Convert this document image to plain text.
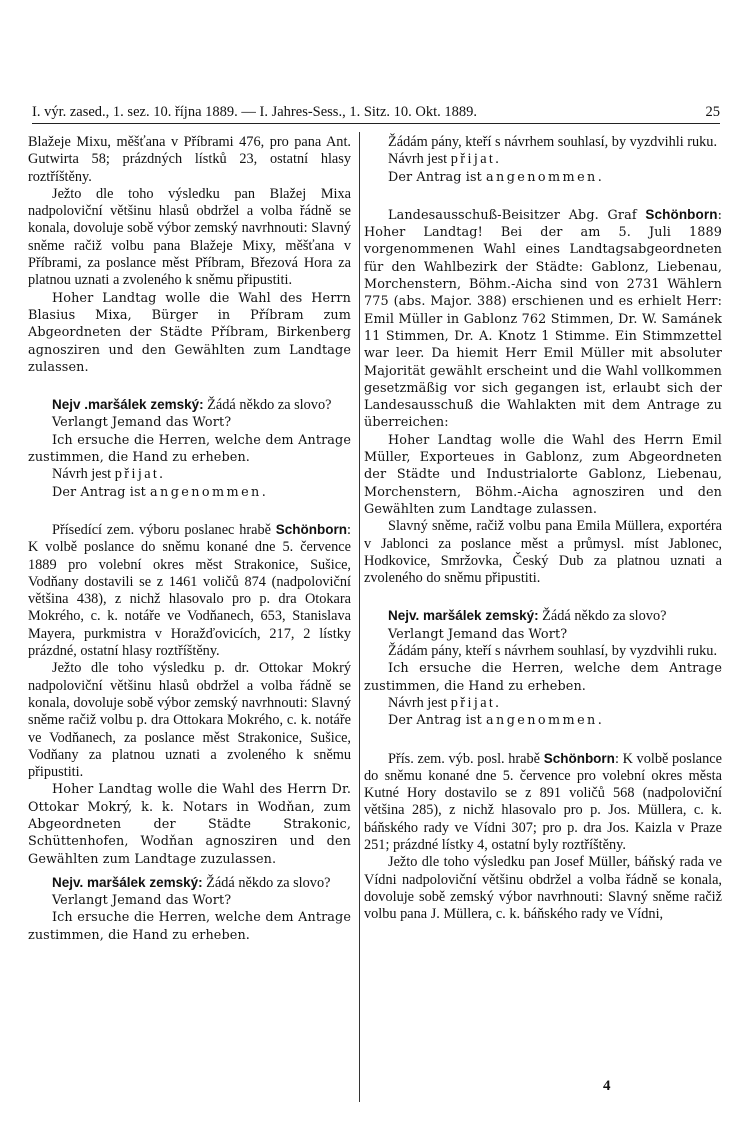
I. výr. zased., 1. sez. 10. října 1889. — I. Jahres-Sess., 1. Sitz. 10. Okt. 1889.	25

Blažeje Mixu, měšťana v Příbrami 476, pro pana Ant. Gutwirta 58; prázdných lístků 23, ostatní hlasy roztříštěny.

Ježto dle toho výsledku pan Blažej Mixa nadpoloviční většinu hlasů obdržel a volba řádně se konala, dovoluje sobě výbor zemský navrhnouti: Slavný sněme račiž volbu pana Blažeje Mixy, měšťana v Příbrami, za poslance měst Příbram, Březová Hora za platnou uznati a zvoleného k sněmu připustiti.

Hoher Landtag wolle die Wahl des Herrn Blasius Mixa, Bürger in Příbram zum Abgeordneten der Städte Příbram, Birkenberg agnosziren und den Gewählten zum Landtage zulassen.

Nejv .maršálek zemský: Žádá někdo za slovo?

Verlangt Jemand das Wort?

Ich ersuche die Herren, welche dem Antrage zustimmen, die Hand zu erheben.

Návrh jest přijat.

Der Antrag ist angenommen.

Přísedící zem. výboru poslanec hrabě Schönborn: K volbě poslance do sněmu konané dne 5. července 1889 pro volební okres měst Strakonice, Sušice, Vodňany dostavili se z 1461 voličů 874 (nadpoloviční většina 438), z nichž hlasovalo pro p. dra Otokara Mokrého, c. k. notáře ve Vodňanech, 653, Stanislava Mayera, purkmistra v Horažďovicích, 217, 2 lístky prázdné, ostatní hlasy roztříštěny.

Ježto dle toho výsledku p. dr. Ottokar Mokrý nadpoloviční většinu hlasů obdržel a volba řádně se konala, dovoluje sobě výbor zemský navrhnouti: Slavný sněme račiž volbu p. dra Ottokara Mokrého, c. k. notáře ve Vodňanech, za poslance měst Strakonice, Sušice, Vodňany za platnou uznati a zvoleného k sněmu připustiti.

Hoher Landtag wolle die Wahl des Herrn Dr. Ottokar Mokrý, k. k. Notars in Wodňan, zum Abgeordneten der Städte Strakonic, Schüttenhofen, Wodňan agnosziren und den Gewählten zum Landtage zuzulassen.

Nejv. maršálek zemský: Žádá někdo za slovo?

Verlangt Jemand das Wort?

Ich ersuche die Herren, welche dem Antrage zustimmen, die Hand zu erheben.

Žádám pány, kteří s návrhem souhlasí, by vyzdvihli ruku.

Návrh jest přijat.

Der Antrag ist angenommen.

Landesausschuß-Beisitzer Abg. Graf Schönborn: Hoher Landtag! Bei der am 5. Juli 1889 vorgenommenen Wahl eines Landtagsabgeordneten für den Wahlbezirk der Städte: Gablonz, Liebenau, Morchenstern, Böhm.-Aicha sind von 2731 Wählern 775 (abs. Major. 388) erschienen und es erhielt Herr: Emil Müller in Gablonz 762 Stimmen, Dr. W. Samánek 11 Stimmen, Dr. A. Knotz 1 Stimme. Ein Stimmzettel war leer. Da hiemit Herr Emil Müller mit absoluter Majorität gewählt erscheint und die Wahl vollkommen gesetzmäßig vor sich gegangen ist, erlaubt sich der Landesausschuß die Wahlakten mit dem Antrage zu überreichen:

Hoher Landtag wolle die Wahl des Herrn Emil Müller, Exporteues in Gablonz, zum Abgeordneten der Städte und Industrialorte Gablonz, Liebenau, Morchenstern, Böhm.-Aicha agnosziren und den Gewählten zum Landtage zulassen.

Slavný sněme, račiž volbu pana Emila Müllera, exportéra v Jablonci za poslance měst a průmysl. míst Jablonec, Hodkovice, Smržovka, Český Dub za platnou uznati a zvoleného do sněmu připustiti.

Nejv. maršálek zemský: Žádá někdo za slovo?

Verlangt Jemand das Wort?

Žádám pány, kteří s návrhem souhlasí, by vyzdvihli ruku.

Ich ersuche die Herren, welche dem Antrage zustimmen, die Hand zu erheben.

Návrh jest přijat.

Der Antrag ist angenommen.

Přís. zem. výb. posl. hrabě Schönborn: K volbě poslance do sněmu konané dne 5. července pro volební okres města Kutné Hory dostavilo se z 891 voličů 568 (nadpoloviční většina 285), z nichž hlasovalo pro p. Jos. Müllera, c. k. báňského rady ve Vídni 307; pro p. dra Jos. Kaizla v Praze 251; prázdné lístky 4, ostatní byly roztříštěny.

Ježto dle toho výsledku pan Josef Müller, báňský rada ve Vídni nadpoloviční většinu obdržel a volba řádně se konala, dovoluje sobě zemský výbor navrhnouti: Slavný sněme račiž volbu pana J. Müllera, c. k. báňského rady ve Vídni,

4
